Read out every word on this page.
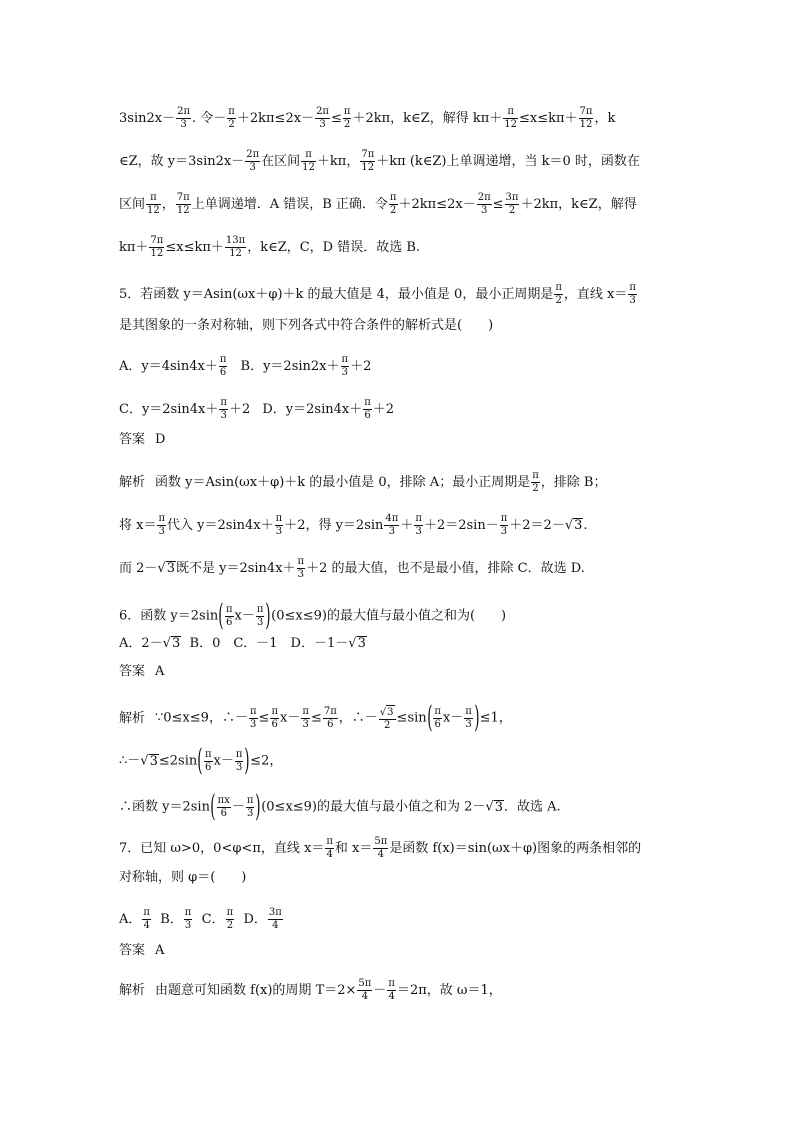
$3\sin 2x- \frac{2\pi}{3}$ . 令－ $\frac{\pi}{2} +2k\pi\le 2x- \frac{2\pi}{3} \le \frac{\pi}{2} +2k\pi$，k∈Z，解得 $k\pi+ \frac{\pi}{12} \le x\le k\pi+ \frac{7\pi}{12}$ ，k
∈Z，故 $y=3\sin 2x- \frac{2\pi}{3}$ 在区间 $\frac{\pi}{12} +k\pi$， $\frac{7\pi}{12} +k\pi$ (k∈Z)上单调递增，当 k＝0 时，函数在
区间 $\frac{\pi}{12}$ ， $\frac{7\pi}{12}$ 上单调递增．A 错误，B 正确．令 $\frac{\pi}{2} +2k\pi\le 2x- \frac{2\pi}{3} \le \frac{3\pi}{2} +2k\pi$，k∈Z，解得
$k\pi+ \frac{7\pi}{12} \le x\le k\pi+ \frac{13\pi}{12}$ ，k∈Z，C，D 错误．故选 B.
5．若函数 y＝Asin(ωx＋φ)＋k 的最大值是 4，最小值是 0，最小正周期是 $\frac{\pi}{2}$ ，直线 $x= \frac{\pi}{3}$
是其图象的一条对称轴，则下列各式中符合条件的解析式是(　　)
A．$y=4\sin 4x+ \frac{\pi}{6}$ B．$y=2\sin 2x+ \frac{\pi}{3} +2$
C．$y=2\sin 4x+ \frac{\pi}{3} +2$ D．$y=2\sin 4x+ \frac{\pi}{6} +2$
答案 D
解析 函数 y＝Asin(ωx＋φ)＋k 的最小值是 0，排除 A；最小正周期是 $\frac{\pi}{2}$ ，排除 B；
将 $x= \frac{\pi}{3}$ 代入 $y=2\sin 4x+ \frac{\pi}{3} +2$，得 $y=2\sin \frac{4\pi}{3} + \frac{\pi}{3} +2=2\sin- \frac{\pi}{3} +2=2-√3$.
而 2－√3既不是 $y=2\sin 4x+ \frac{\pi}{3} +2$ 的最大值，也不是最小值，排除 C．故选 D.
6．函数 $y=2\sin( \frac{\pi}{6} x- \frac{\pi}{3} )(0\le x\le 9)$的最大值与最小值之和为(　　)
A．2－√3 B．0　C．－1　D．－1－√3
答案 A
解析 ∵0≤x≤9，∴－ $\frac{\pi}{3} \le \frac{\pi}{6} x- \frac{\pi}{3} \le \frac{7\pi}{6}$ ，∴－ $\frac{√3}{2} \le\sin( \frac{\pi}{6} x- \frac{\pi}{3} )\le 1$，
∴－√3≤2sin( $\frac{\pi}{6} x- \frac{\pi}{3} )\le 2$，
∴函数 $y=2\sin( \frac{\pi x}{6} - \frac{\pi}{3} )(0\le x\le 9)$的最大值与最小值之和为 2－√3．故选 A.
7．已知 ω>0，0<φ<π，直线 $x= \frac{\pi}{4}$ 和 $x= \frac{5\pi}{4}$ 是函数 f(x)＝sin(ωx＋φ)图象的两条相邻的
对称轴，则 φ＝(　　)
A． $\frac{\pi}{4}$ B． $\frac{\pi}{3}$ C． $\frac{\pi}{2}$ D． $\frac{3\pi}{4}$
答案 A
解析 由题意可知函数 f(x)的周期 $T=2\times \frac{5\pi}{4} - \frac{\pi}{4} =2\pi$，故 ω＝1，
